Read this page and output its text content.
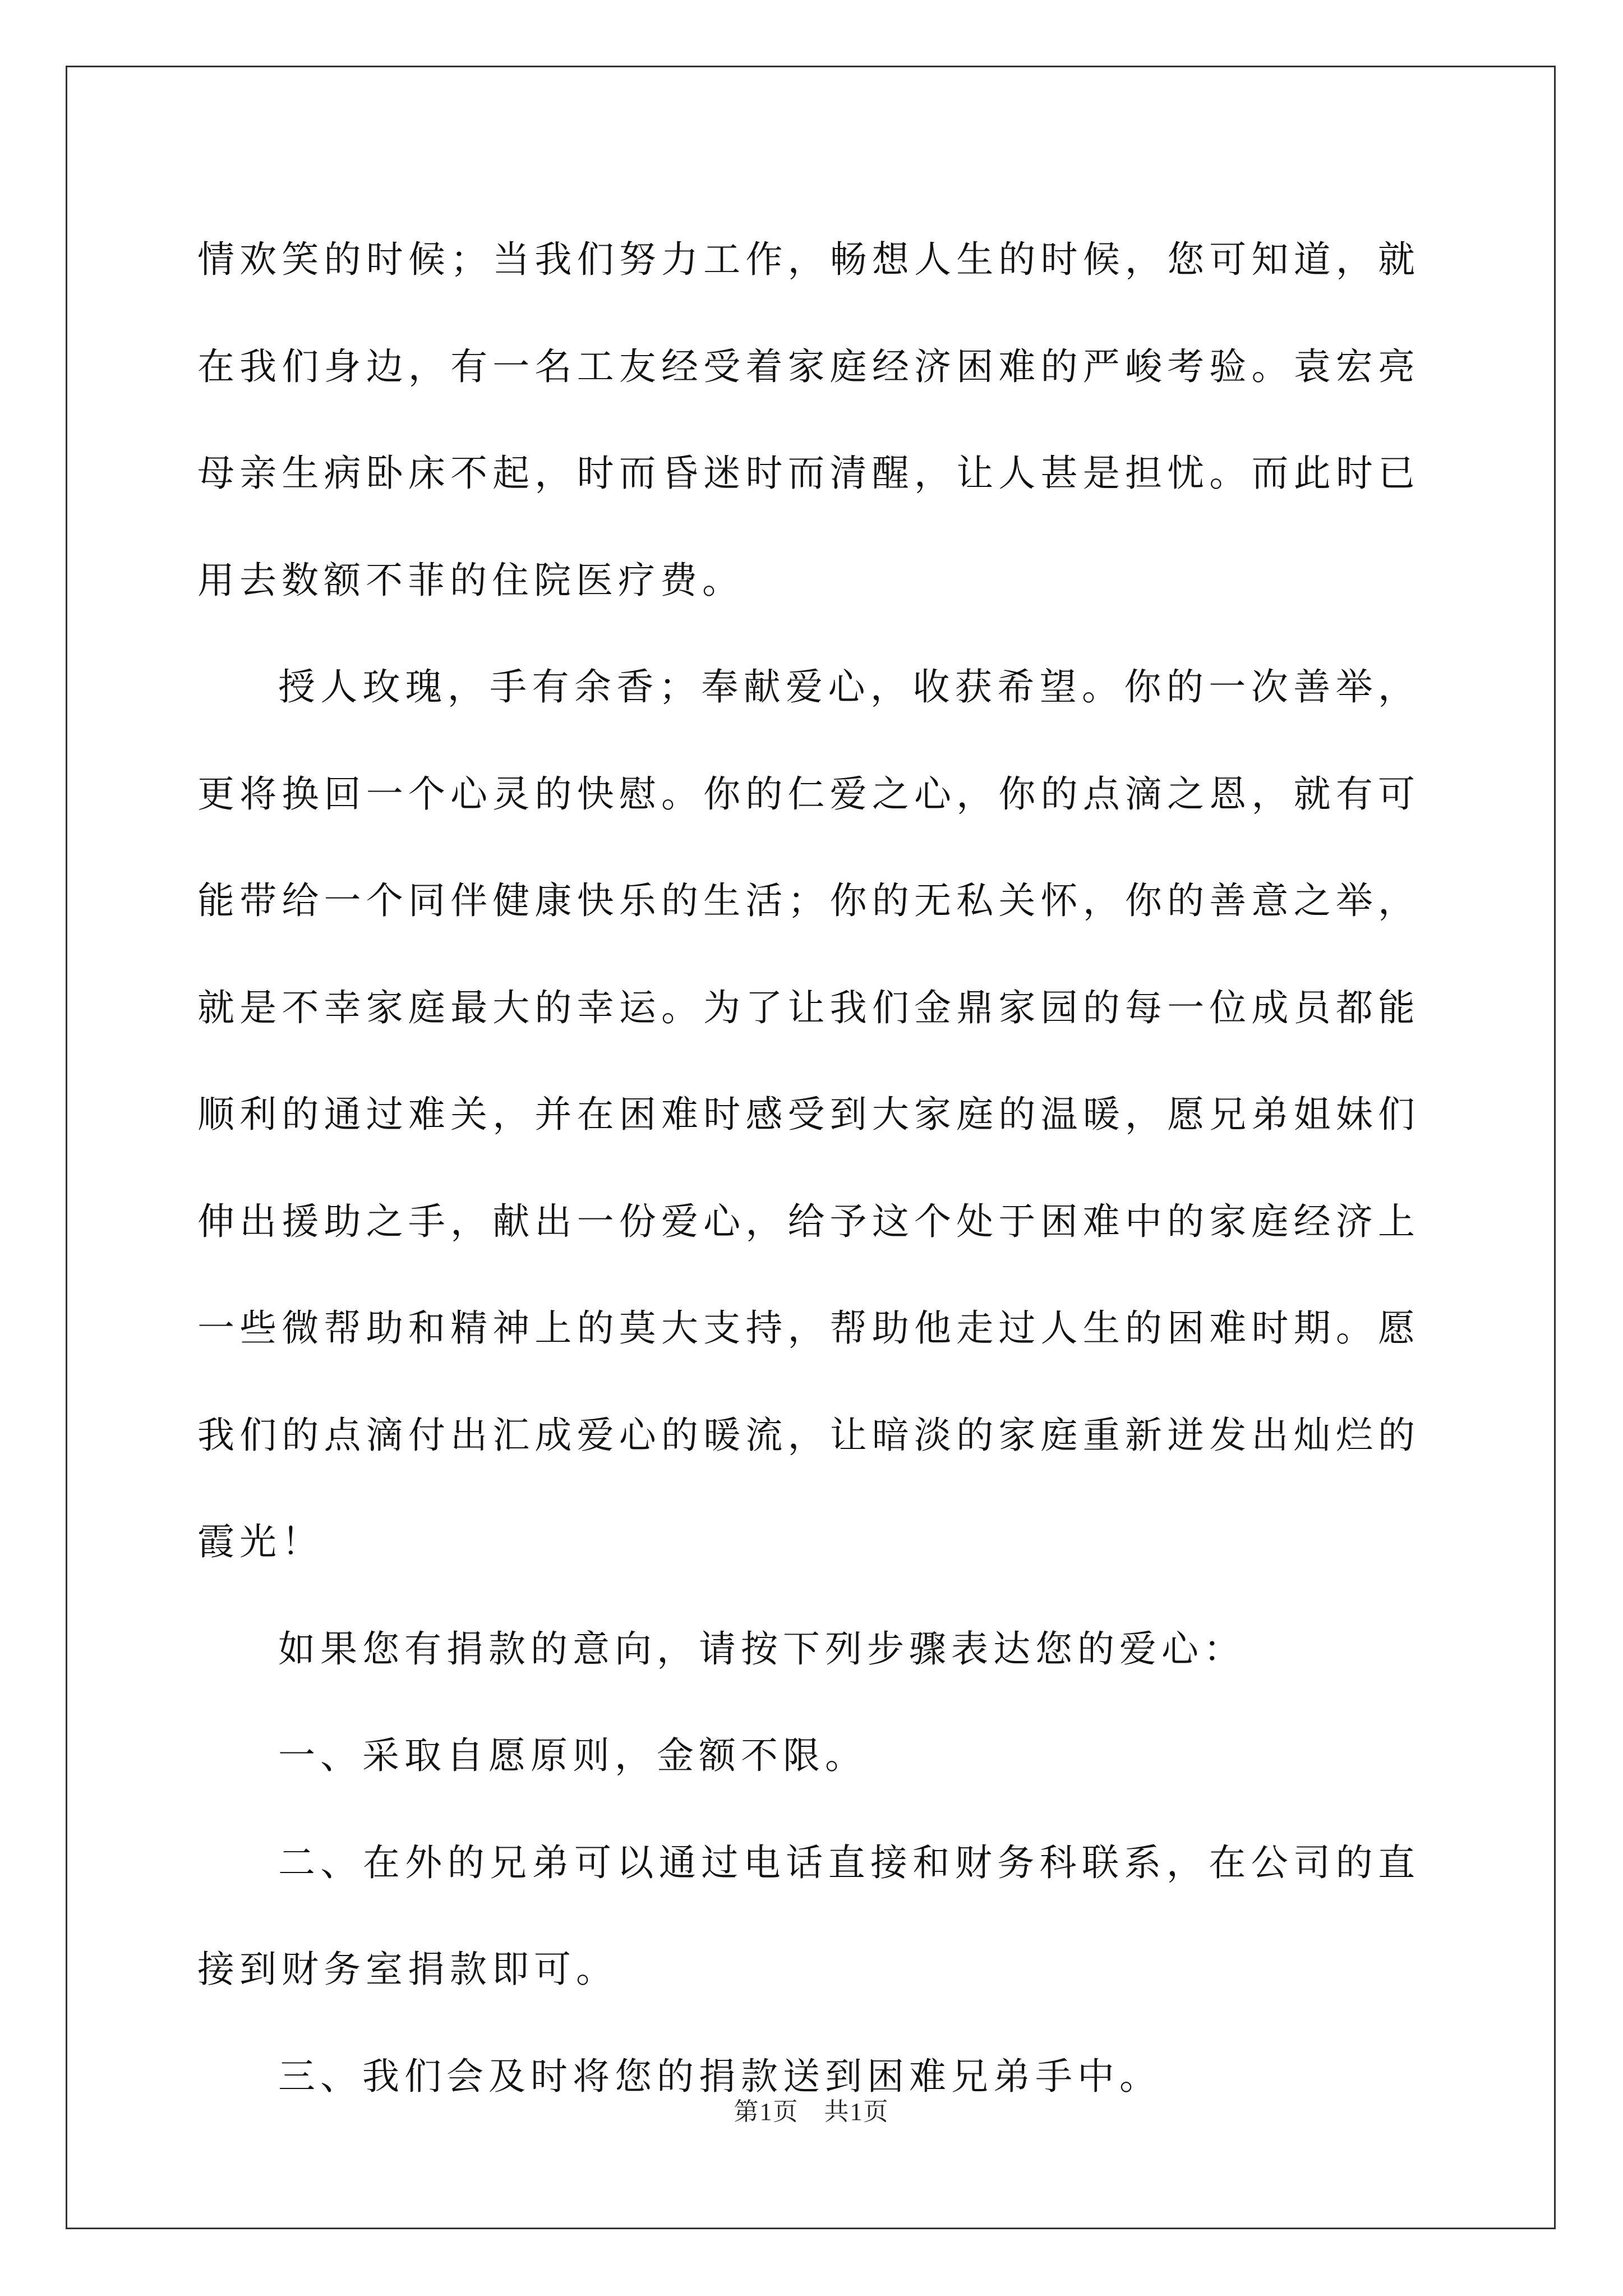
情欢笑的时候；当我们努力工作，畅想人生的时候，您可知道，就在我们身边，有一名工友经受着家庭经济困难的严峻考验。袁宏亮母亲生病卧床不起，时而昏迷时而清醒，让人甚是担忧。而此时已用去数额不菲的住院医疗费。

授人玫瑰，手有余香；奉献爱心，收获希望。你的一次善举，更将换回一个心灵的快慰。你的仁爱之心，你的点滴之恩，就有可能带给一个同伴健康快乐的生活；你的无私关怀，你的善意之举，就是不幸家庭最大的幸运。为了让我们金鼎家园的每一位成员都能顺利的通过难关，并在困难时感受到大家庭的温暖，愿兄弟姐妹们伸出援助之手，献出一份爱心，给予这个处于困难中的家庭经济上一些微帮助和精神上的莫大支持，帮助他走过人生的困难时期。愿我们的点滴付出汇成爱心的暖流，让暗淡的家庭重新迸发出灿烂的霞光！

如果您有捐款的意向，请按下列步骤表达您的爱心：

一、采取自愿原则，金额不限。

二、在外的兄弟可以通过电话直接和财务科联系，在公司的直接到财务室捐款即可。

三、我们会及时将您的捐款送到困难兄弟手中。

第1页 共1页
